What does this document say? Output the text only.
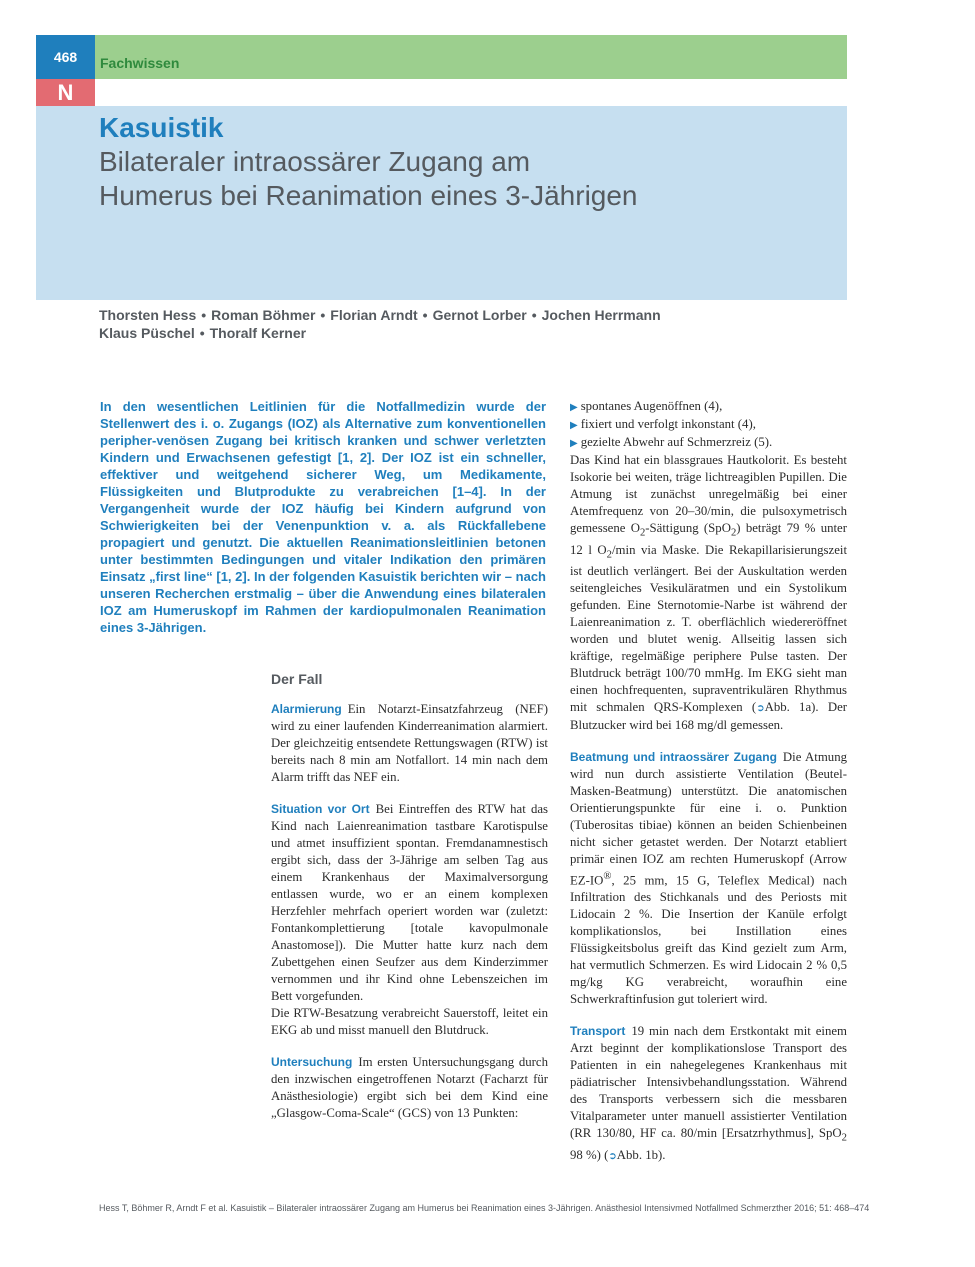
468	Fachwissen
N
Kasuistik
Bilateraler intraossärer Zugang am
Humerus bei Reanimation eines 3-Jährigen
Thorsten Hess • Roman Böhmer • Florian Arndt • Gernot Lorber • Jochen Herrmann
Klaus Püschel • Thoralf Kerner
In den wesentlichen Leitlinien für die Notfallmedizin wurde der Stellenwert des i. o. Zugangs (IOZ) als Alternative zum konventionellen peripher-venösen Zugang bei kritisch kranken und schwer verletzten Kindern und Erwachsenen gefestigt [1, 2]. Der IOZ ist ein schneller, effektiver und weitgehend sicherer Weg, um Medikamente, Flüssigkeiten und Blutprodukte zu verabreichen [1–4]. In der Vergangenheit wurde der IOZ häufig bei Kindern aufgrund von Schwierigkeiten bei der Venenpunktion v. a. als Rückfallebene propagiert und genutzt. Die aktuellen Reanimationsleitlinien betonen unter bestimmten Bedingungen und vitaler Indikation den primären Einsatz „first line“ [1, 2]. In der folgenden Kasuistik berichten wir – nach unseren Recherchen erstmalig – über die Anwendung eines bilateralen IOZ am Humeruskopf im Rahmen der kardiopulmonalen Reanimation eines 3-Jährigen.
Der Fall

Alarmierung Ein Notarzt-Einsatzfahrzeug (NEF) wird zu einer laufenden Kinderreanimation alarmiert. Der gleichzeitig entsendete Rettungswagen (RTW) ist bereits nach 8 min am Notfallort. 14 min nach dem Alarm trifft das NEF ein.

Situation vor Ort Bei Eintreffen des RTW hat das Kind nach Laienreanimation tastbare Karotispulse und atmet insuffizient spontan. Fremdanamnestisch ergibt sich, dass der 3-Jährige am selben Tag aus einem Krankenhaus der Maximalversorgung entlassen wurde, wo er an einem komplexen Herzfehler mehrfach operiert worden war (zuletzt: Fontankomplettierung [totale kavopulmonale Anastomose]). Die Mutter hatte kurz nach dem Zubettgehen einen Seufzer aus dem Kinderzimmer vernommen und ihr Kind ohne Lebenszeichen im Bett vorgefunden.

Die RTW-Besatzung verabreicht Sauerstoff, leitet ein EKG ab und misst manuell den Blutdruck.

Untersuchung Im ersten Untersuchungsgang durch den inzwischen eingetroffenen Notarzt (Facharzt für Anästhesiologie) ergibt sich bei dem Kind eine „Glasgow-Coma-Scale“ (GCS) von 13 Punkten:

▶ spontanes Augenöffnen (4),
▶ fixiert und verfolgt inkonstant (4),
▶ gezielte Abwehr auf Schmerzreiz (5).

Das Kind hat ein blassgraues Hautkolorit. Es besteht Isokorie bei weiten, träge lichtreagiblen Pupillen. Die Atmung ist zunächst unregelmäßig bei einer Atemfrequenz von 20–30/min, die pulsoxymetrisch gemessene $O_2$-Sättigung (SpO$_2$) beträgt 79 % unter 12 l $O_2/\min$ via Maske. Die Rekapillarisierungszeit ist deutlich verlängert. Bei der Auskultation werden seitengleiches Vesikuläratmen und ein Systolikum gefunden. Eine Sternotomie-Narbe ist während der Laienreanimation z. T. oberflächlich wiedereröffnet worden und blutet wenig. Allseitig lassen sich kräftige, regelmäßige periphere Pulse tasten. Der Blutdruck beträgt 100/70 mmHg. Im EKG sieht man einen hochfrequenten, supraventrikulären Rhythmus mit schmalen QRS-Komplexen (➲Abb. 1a). Der Blutzucker wird bei 168 mg/dl gemessen.

Beatmung und intraossärer Zugang Die Atmung wird nun durch assistierte Ventilation (Beutel-Masken-Beatmung) unterstützt. Die anatomischen Orientierungspunkte für eine i. o. Punktion (Tuberositas tibiae) können an beiden Schienbeinen nicht sicher getastet werden. Der Notarzt etabliert primär einen IOZ am rechten Humeruskopf (Arrow EZ-IO®, 25 mm, 15 G, Teleflex Medical) nach Infiltration des Stichkanals und des Periosts mit Lidocain 2 %. Die Insertion der Kanüle erfolgt komplikationslos, bei Instillation eines Flüssigkeitsbolus greift das Kind gezielt zum Arm, hat vermutlich Schmerzen. Es wird Lidocain 2 % 0,5 mg/kg KG verabreicht, woraufhin eine Schwerkraftinfusion gut toleriert wird.

Transport 19 min nach dem Erstkontakt mit einem Arzt beginnt der komplikationslose Transport des Patienten in ein nahegelegenes Krankenhaus mit pädiatrischer Intensivbehandlungsstation. Während des Transports verbessern sich die messbaren Vitalparameter unter manuell assistierter Ventilation (RR 130/80, HF ca. 80/min [Ersatzrhythmus], SpO$_2$ 98 %) (➲Abb. 1b).

Hess T, Böhmer R, Arndt F et al. Kasuistik – Bilateraler intraossärer Zugang am Humerus bei Reanimation eines 3-Jährigen. Anästhesiol Intensivmed Notfallmed Schmerzther 2016; 51: 468–474
